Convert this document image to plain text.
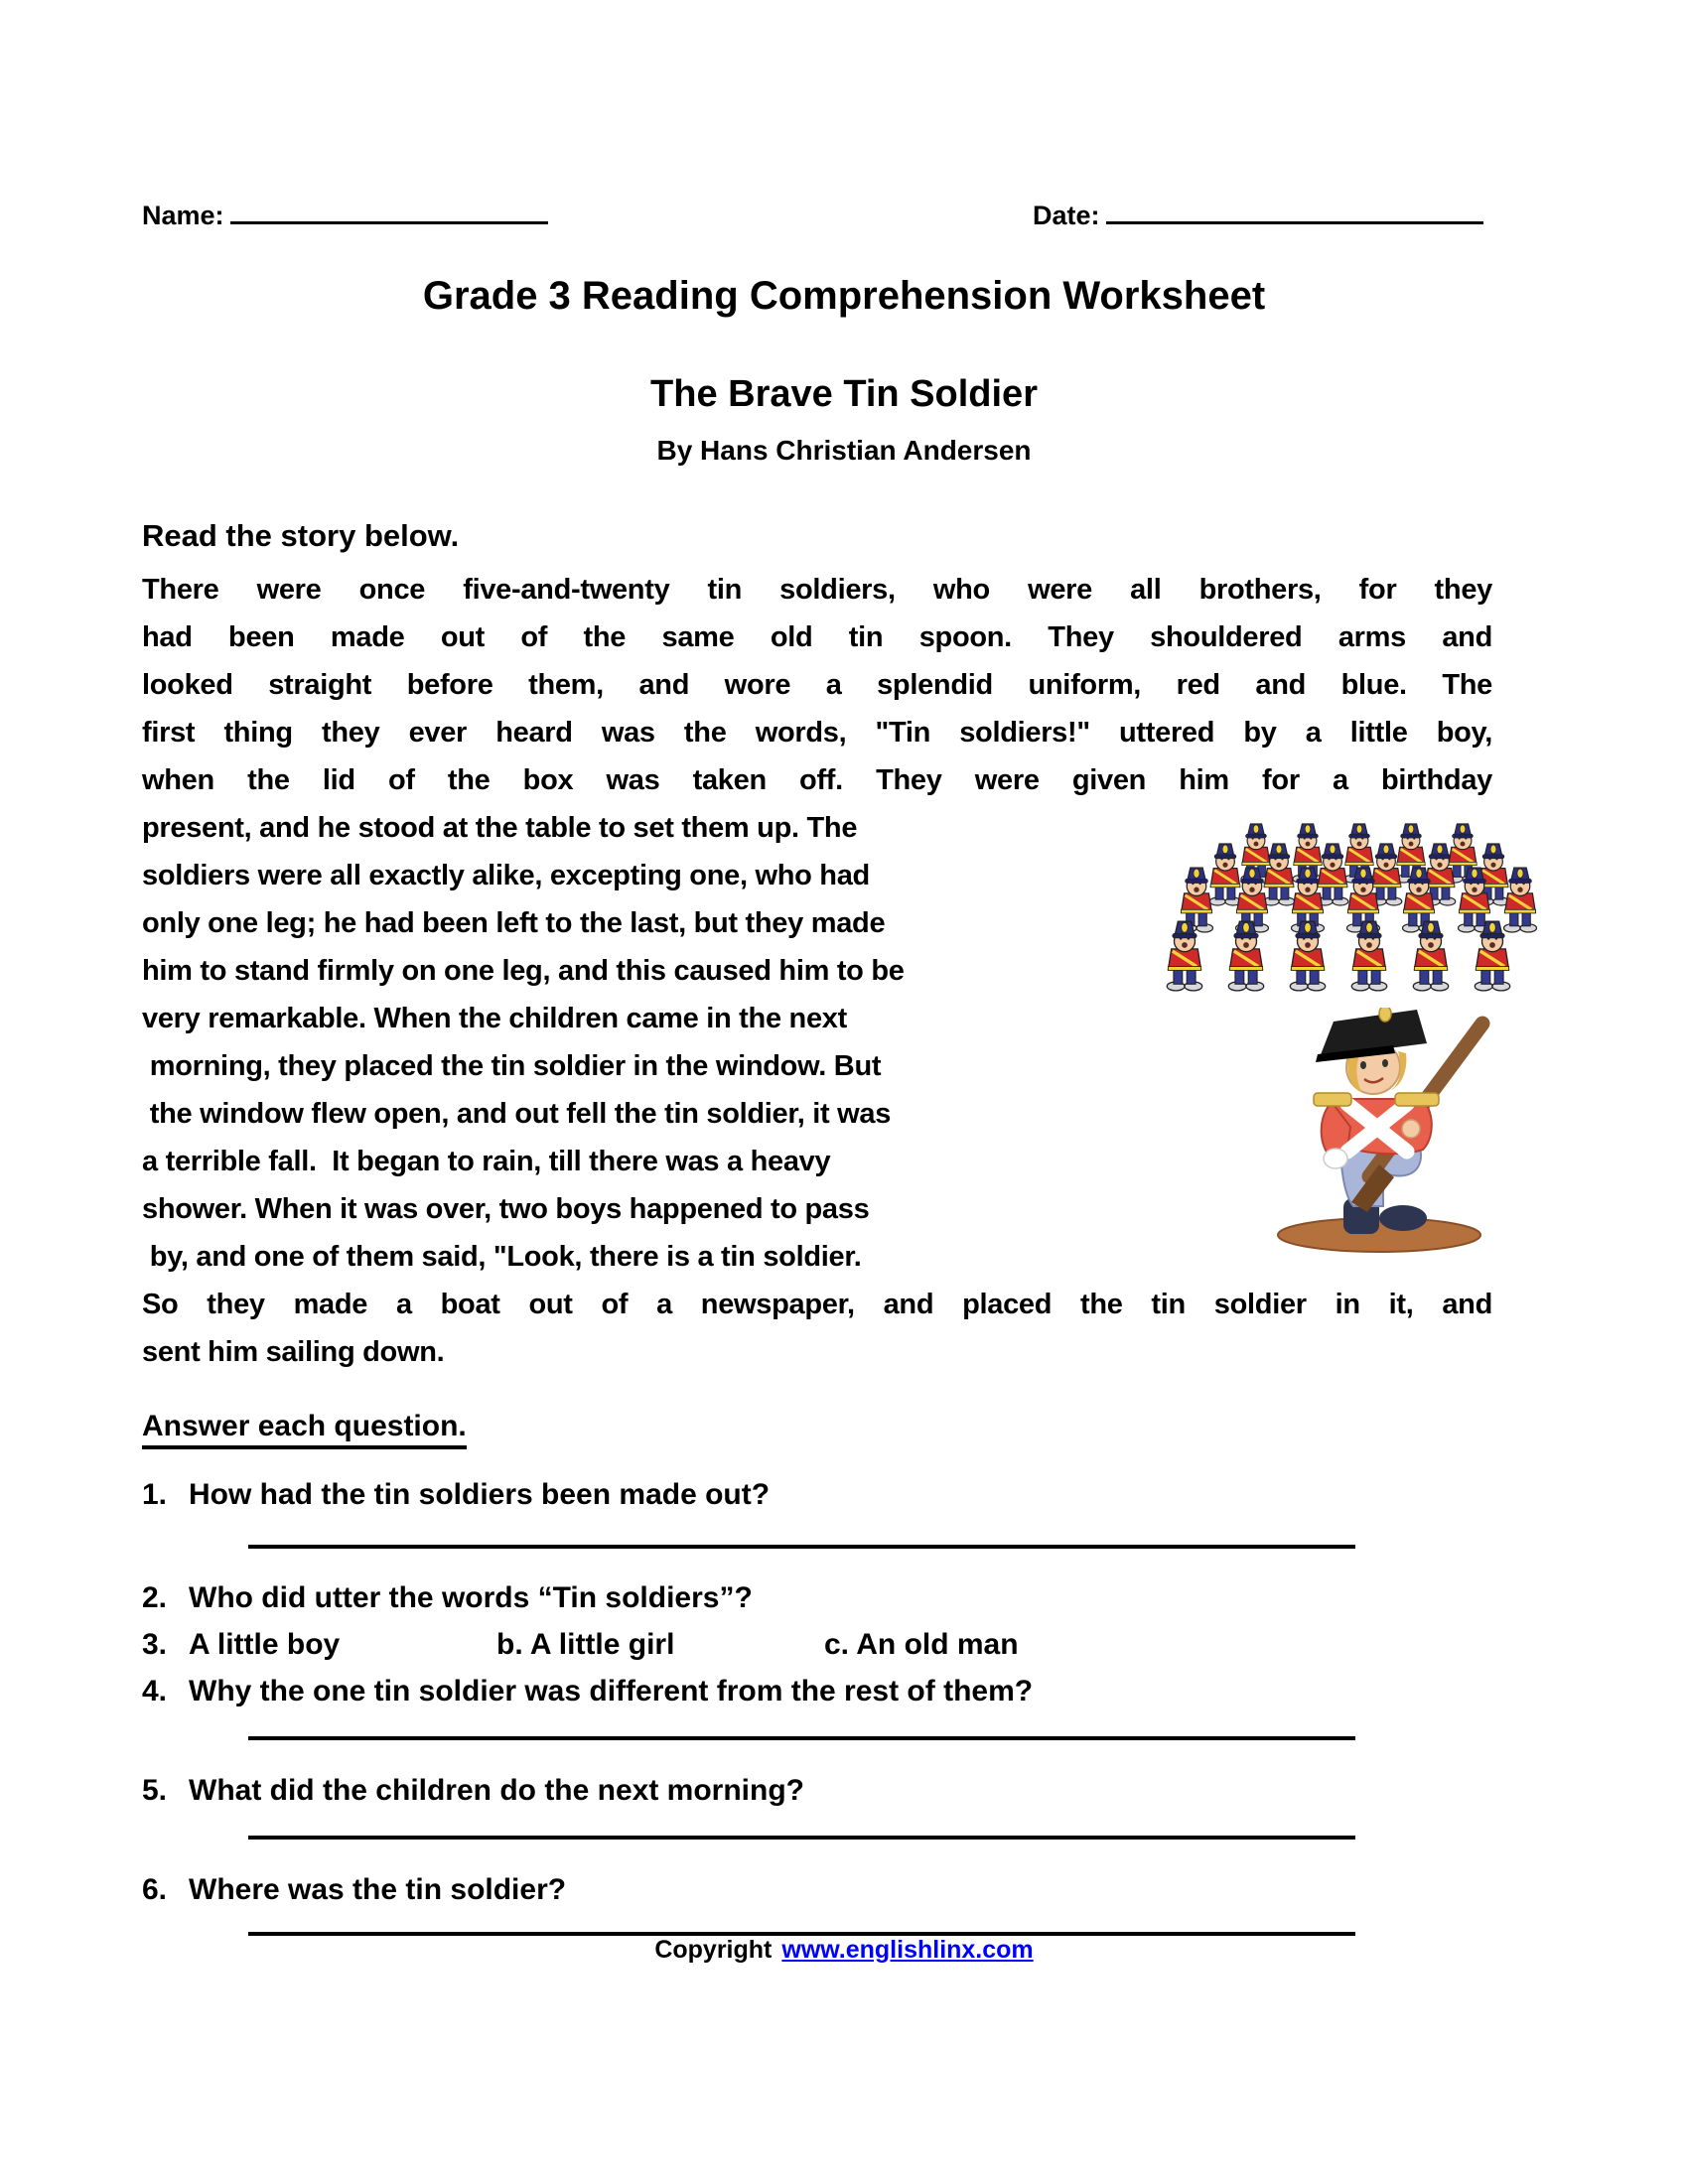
Name:	Date:
Grade 3 Reading Comprehension Worksheet
The Brave Tin Soldier
By Hans Christian Andersen
Read the story below.
There were once five-and-twenty tin soldiers, who were all brothers, for they
had been made out of the same old tin spoon. They shouldered arms and
looked straight before them, and wore a splendid uniform, red and blue. The
first thing they ever heard was the words, "Tin soldiers!" uttered by a little boy,
when the lid of the box was taken off. They were given him for a birthday
present, and he stood at the table to set them up. The
soldiers were all exactly alike, excepting one, who had
only one leg; he had been left to the last, but they made
him to stand firmly on one leg, and this caused him to be
very remarkable. When the children came in the next
morning, they placed the tin soldier in the window. But
the window flew open, and out fell the tin soldier, it was
a terrible fall.  It began to rain, till there was a heavy
shower. When it was over, two boys happened to pass
by, and one of them said, "Look, there is a tin soldier.
So they made a boat out of a newspaper, and placed the tin soldier in it, and
sent him sailing down.
Answer each question.
1. How had the tin soldiers been made out?
2. Who did utter the words “Tin soldiers”?
3. A little boy	b. A little girl	c. An old man
4. Why the one tin soldier was different from the rest of them?
5. What did the children do the next morning?
6. Where was the tin soldier?
Copyright www.englishlinx.com
